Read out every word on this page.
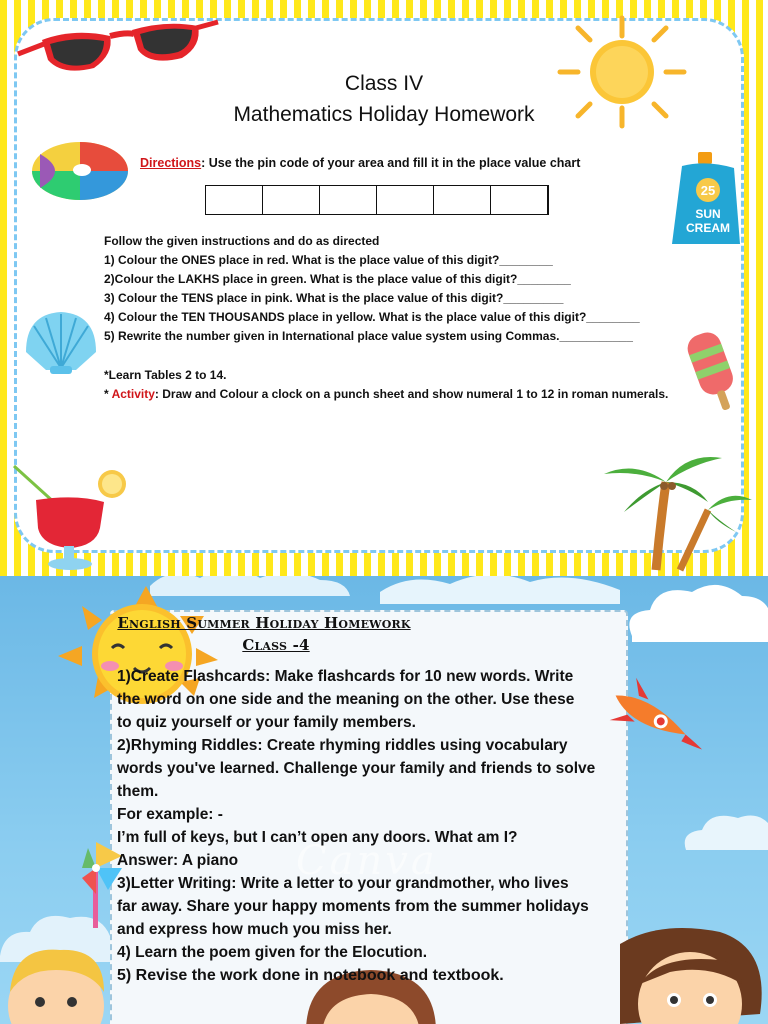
25
SUN
CREAM
Class IV
Mathematics Holiday Homework
Directions: Use the pin code of your area and fill it in the place value chart

Follow the given instructions and do as directed
1) Colour the ONES place in red. What is the place value of this digit?________
2)Colour the LAKHS place in green. What is the place value of this digit?________
3) Colour the TENS place in pink. What is the place value of this digit?_________
4) Colour the TEN THOUSANDS place in yellow. What is the place value of this digit?________
5) Rewrite the number given in International place value system using Commas.___________
*Learn Tables 2 to 14.
* Activity: Draw and Colour a clock on a punch sheet and show numeral 1 to 12 in roman numerals.
Canva
English Summer Holiday Homework
Class -4
1)Create Flashcards: Make flashcards for 10 new words. Write
the word on one side and the meaning on the other. Use these
to quiz yourself or your family members.
2)Rhyming Riddles: Create rhyming riddles using vocabulary
words you've learned. Challenge your family and friends to solve
them.
For example: -
I’m full of keys, but I can’t open any doors. What am I?
Answer: A piano
3)Letter Writing: Write a letter to your grandmother, who lives
far away. Share your happy moments from the summer holidays
and express how much you miss her.
4) Learn the poem given for the Elocution.
5) Revise the work done in notebook and textbook.
